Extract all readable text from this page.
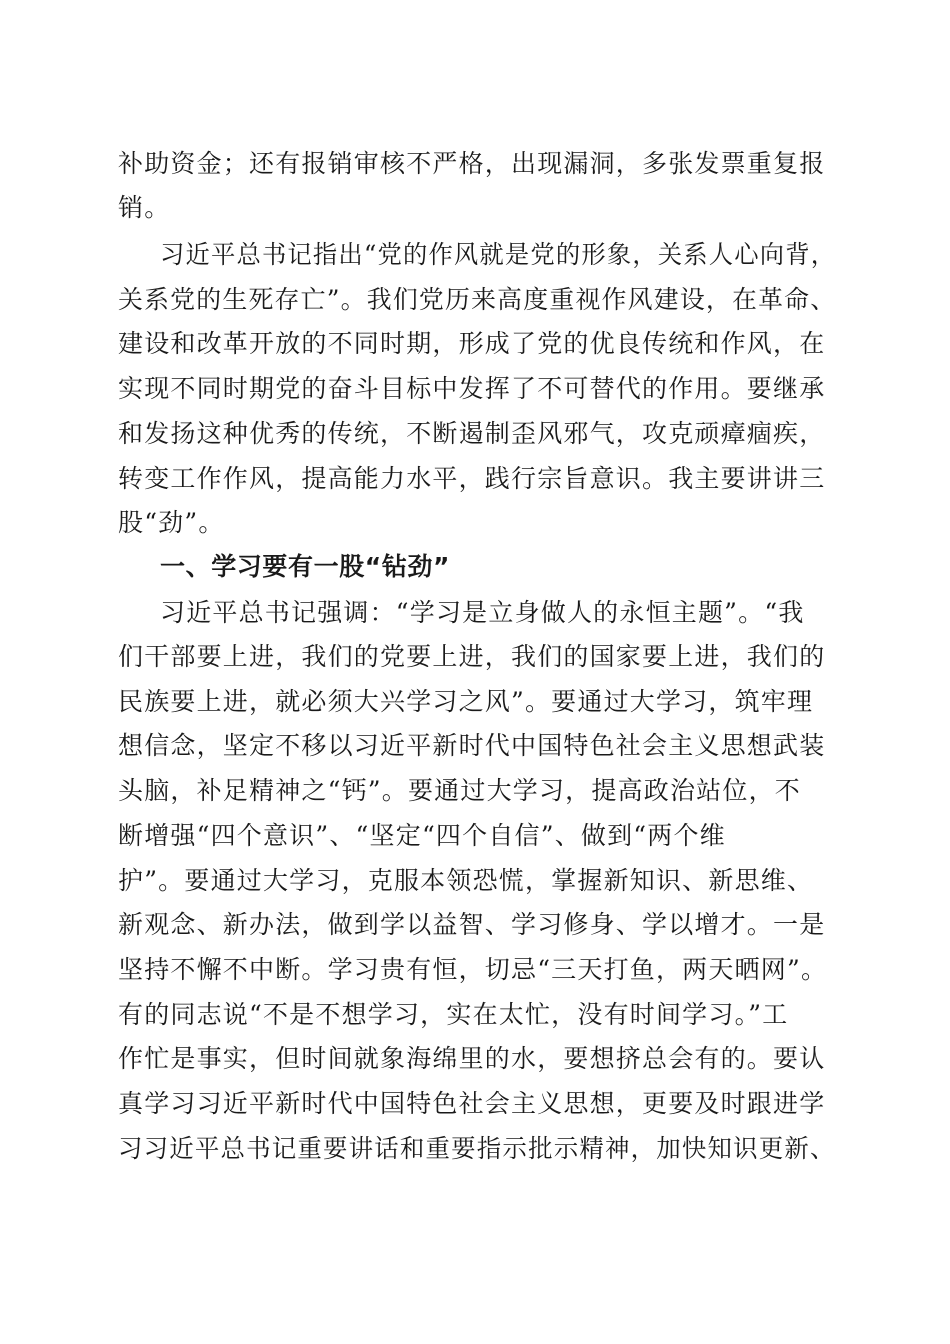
补助资金；还有报销审核不严格，出现漏洞，多张发票重复报
销。
习近平总书记指出“党的作风就是党的形象，关系人心向背，
关系党的生死存亡”。我们党历来高度重视作风建设，在革命、
建设和改革开放的不同时期，形成了党的优良传统和作风，在
实现不同时期党的奋斗目标中发挥了不可替代的作用。要继承
和发扬这种优秀的传统，不断遏制歪风邪气，攻克顽瘴痼疾，
转变工作作风，提高能力水平，践行宗旨意识。我主要讲讲三
股“劲”。
一、学习要有一股“钻劲”
习近平总书记强调：“学习是立身做人的永恒主题”。“我
们干部要上进，我们的党要上进，我们的国家要上进，我们的
民族要上进，就必须大兴学习之风”。要通过大学习，筑牢理
想信念，坚定不移以习近平新时代中国特色社会主义思想武装
头脑，补足精神之“钙”。要通过大学习，提高政治站位，不
断增强“四个意识”、“坚定“四个自信”、做到“两个维
护”。要通过大学习，克服本领恐慌，掌握新知识、新思维、
新观念、新办法，做到学以益智、学习修身、学以增才。一是
坚持不懈不中断。学习贵有恒，切忌“三天打鱼，两天晒网”。
有的同志说“不是不想学习，实在太忙，没有时间学习。”工
作忙是事实，但时间就象海绵里的水，要想挤总会有的。要认
真学习习近平新时代中国特色社会主义思想，更要及时跟进学
习习近平总书记重要讲话和重要指示批示精神，加快知识更新、
